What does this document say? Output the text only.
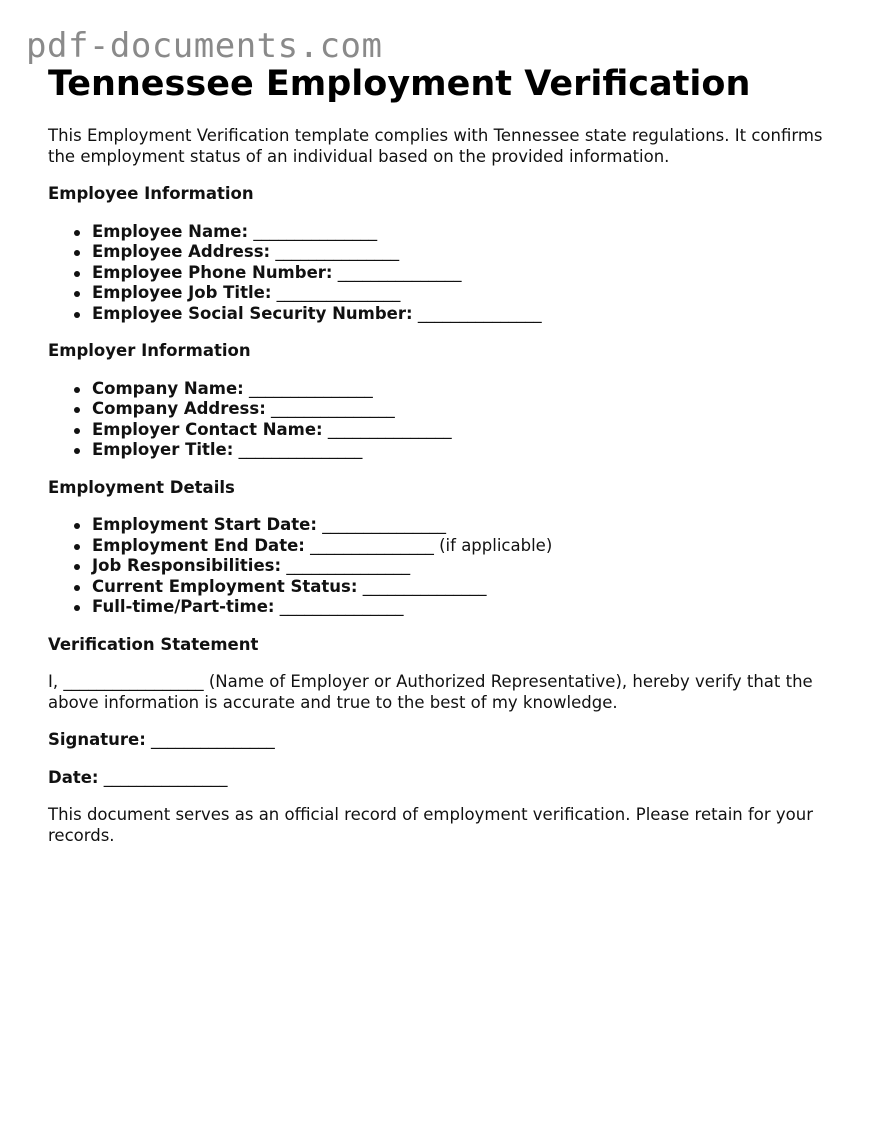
pdf-documents.com
Tennessee Employment Verification

This Employment Verification template complies with Tennessee state regulations. It confirms the employment status of an individual based on the provided information.

Employee Information
Employee Name: _______________
Employee Address: _______________
Employee Phone Number: _______________
Employee Job Title: _______________
Employee Social Security Number: _______________
Employer Information
Company Name: _______________
Company Address: _______________
Employer Contact Name: _______________
Employer Title: _______________
Employment Details
Employment Start Date: _______________
Employment End Date: _______________ (if applicable)
Job Responsibilities: _______________
Current Employment Status: _______________
Full-time/Part-time: _______________
Verification Statement

I, _________________ (Name of Employer or Authorized Representative), hereby verify that the above information is accurate and true to the best of my knowledge.

Signature: _______________

Date: _______________

This document serves as an official record of employment verification. Please retain for your records.
